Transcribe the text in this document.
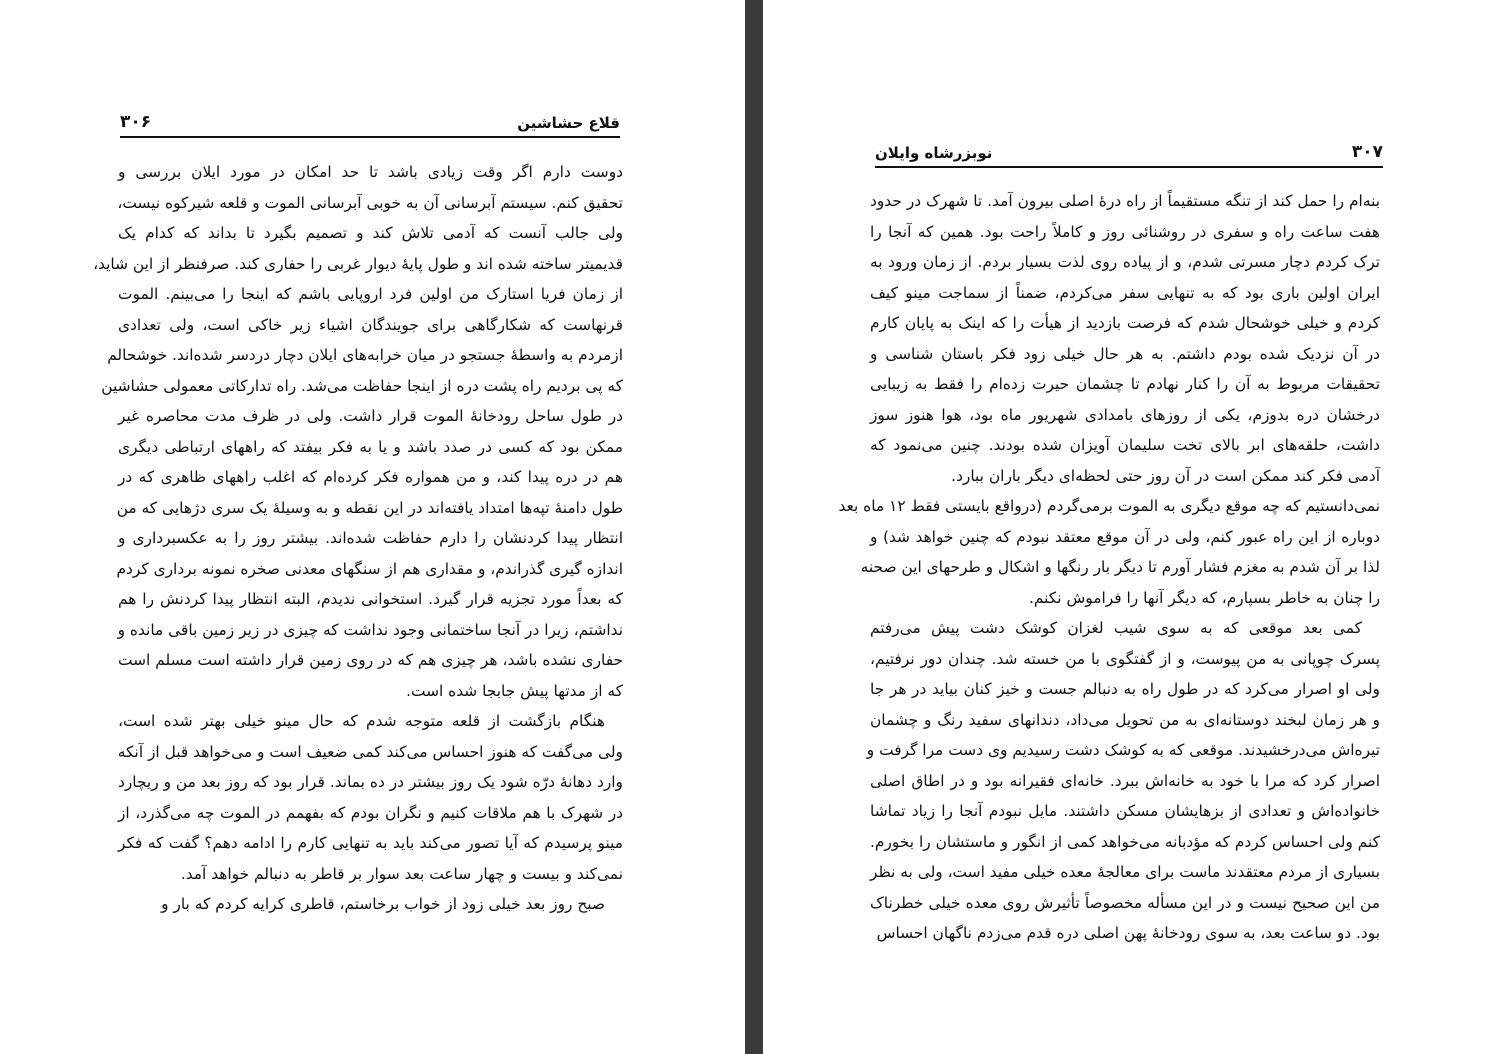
قلاع حشاشین
۳۰۶
دوست دارم اگر وقت زیادی باشد تا حد امکان در مورد ایلان بررسی و
تحقیق کنم. سیستم آبرسانی آن به خوبی آبرسانی الموت و قلعه شیرکوه نیست،
ولی جالب آنست که آدمی تلاش کند و تصمیم بگیرد تا بداند که کدام یک
قدیمیتر ساخته شده اند و طول پایهٔ دیوار غربی را حفاری کند. صرفنظر از این شاید،
از زمان فریا استارک من اولین فرد اروپایی باشم که اینجا را می‌بینم. الموت
قرنهاست که شکارگاهی برای جویندگان اشیاء زیر خاکی است، ولی تعدادی
ازمردم به واسطهٔ جستجو در میان خرابه‌های ایلان دچار دردسر شده‌اند. خوشحالم
که پی بردیم راه پشت دره از اینجا حفاظت می‌شد. راه تدارکاتی معمولی حشاشین
در طول ساحل رودخانهٔ الموت قرار داشت. ولی در ظرف مدت محاصره غیر
ممکن بود که کسی در صدد باشد و یا به فکر بیفتد که راههای ارتباطی دیگری
هم در دره پیدا کند، و من همواره فکر کرده‌ام که اغلب راههای ظاهری که در
طول دامنهٔ تپه‌ها امتداد یافته‌اند در این نقطه و به وسیلهٔ یک سری دژهایی که من
انتظار پیدا کردنشان را دارم حفاظت شده‌اند. بیشتر روز را به عکسبرداری و
اندازه گیری گذراندم، و مقداری هم از سنگهای معدنی صخره نمونه برداری کردم
که بعداً مورد تجزیه قرار گیرد. استخوانی ندیدم، البته انتظار پیدا کردنش را هم
نداشتم، زیرا در آنجا ساختمانی وجود نداشت که چیزی در زیر زمین باقی مانده و
حفاری نشده باشد، هر چیزی هم که در روی زمین قرار داشته است مسلم است
که از مدتها پیش جابجا شده است.
هنگام بازگشت از قلعه متوجه شدم که حال مینو خیلی بهتر شده است،
ولی می‌گفت که هنوز احساس می‌کند کمی ضعیف است و می‌خواهد قبل از آنکه
وارد دهانهٔ درّه شود یک روز بیشتر در ده بماند. قرار بود که روز بعد من و ریچارد
در شهرک با هم ملاقات کنیم و نگران بودم که بفهمم در الموت چه می‌گذرد، از
مینو پرسیدم که آیا تصور می‌کند باید به تنهایی کارم را ادامه دهم؟ گفت که فکر
نمی‌کند و بیست و چهار ساعت بعد سوار بر قاطر به دنبالم خواهد آمد.
صبح روز بعد خیلی زود از خواب برخاستم، قاطری کرایه کردم که بار و
۳۰۷
نوبزرشاه وایلان
بنه‌ام را حمل کند از تنگه مستقیماً از راه درهٔ اصلی بیرون آمد. تا شهرک در حدود
هفت ساعت راه و سفری در روشنائی روز و کاملاً راحت بود. همین که آنجا را
ترک کردم دچار مسرتی شدم، و از پیاده روی لذت بسیار بردم. از زمان ورود به
ایران اولین باری بود که به تنهایی سفر می‌کردم، ضمناً از سماجت مینو کیف
کردم و خیلی خوشحال شدم که فرصت بازدید از هیأت را که اینک به پایان کارم
در آن نزدیک شده بودم داشتم. به هر حال خیلی زود فکر باستان شناسی و
تحقیقات مربوط به آن را کنار نهادم تا چشمان حیرت زده‌ام را فقط به زیبایی
درخشان دره بدوزم، یکی از روزهای بامدادی شهریور ماه بود، هوا هنوز سوز
داشت، حلقه‌های ابر بالای تخت سلیمان آویزان شده بودند. چنین می‌نمود که
آدمی فکر کند ممکن است در آن روز حتی لحظه‌ای دیگر باران ببارد.
نمی‌دانستیم که چه موقع دیگری به الموت برمی‌گردم (درواقع بایستی فقط ۱۲ ماه بعد
دوباره از این راه عبور کنم، ولی در آن موقع معتقد نبودم که چنین خواهد شد) و
لذا بر آن شدم به مغزم فشار آورم تا دیگر بار رنگها و اشکال و طرحهای این صحنه
را چنان به خاطر بسپارم، که دیگر آنها را فراموش نکنم.
کمی بعد موقعی که به سوی شیب لغزان کوشک دشت پیش می‌رفتم
پسرک چوپانی به من پیوست، و از گفتگوی با من خسته شد. چندان دور نرفتیم،
ولی او اصرار می‌کرد که در طول راه به دنبالم جست و خیز کنان بیاید در هر جا
و هر زمان لبخند دوستانه‌ای به من تحویل می‌داد، دندانهای سفید رنگ و چشمان
تیره‌اش می‌درخشیدند. موقعی که به کوشک دشت رسیدیم وی دست مرا گرفت و
اصرار کرد که مرا با خود به خانه‌اش ببرد. خانه‌ای فقیرانه بود و در اطاق اصلی
خانواده‌اش و تعدادی از بزهایشان مسکن داشتند. مایل نبودم آنجا را زیاد تماشا
کنم ولی احساس کردم که مؤدبانه می‌خواهد کمی از انگور و ماستشان را بخورم.
بسیاری از مردم معتقدند ماست برای معالجهٔ معده خیلی مفید است، ولی به نظر
من این صحیح نیست و در این مسأله مخصوصاً تأثیرش روی معده خیلی خطرناک
بود. دو ساعت بعد، به سوی رودخانهٔ پهن اصلی دره قدم می‌زدم ناگهان احساس
